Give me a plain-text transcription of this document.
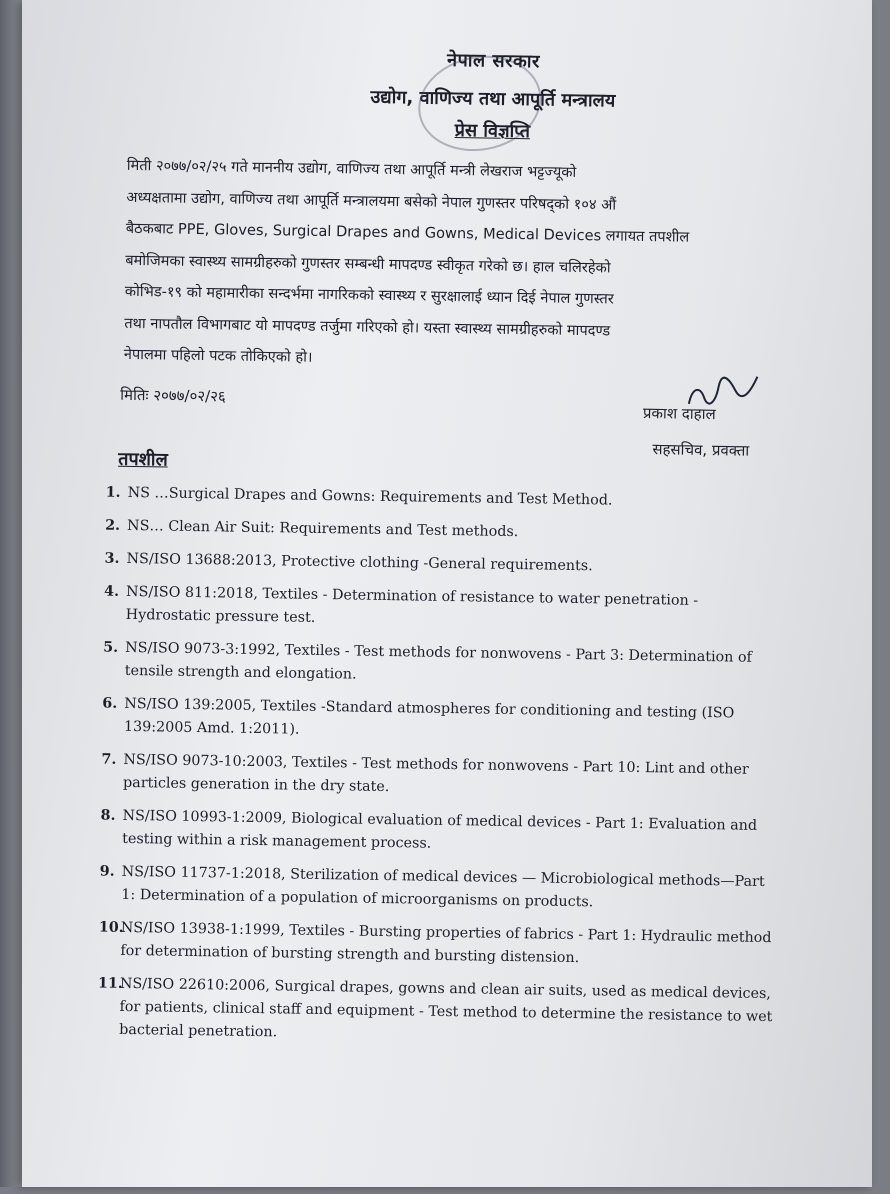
नेपाल सरकार
उद्योग, वाणिज्य तथा आपूर्ति मन्त्रालय
प्रेस विज्ञप्ति
मिती २०७७/०२/२५ गते माननीय उद्योग, वाणिज्य तथा आपूर्ति मन्त्री लेखराज भट्टज्यूको
अध्यक्षतामा उद्योग, वाणिज्य तथा आपूर्ति मन्त्रालयमा बसेको नेपाल गुणस्तर परिषद्को १०४ औं
बैठकबाट PPE, Gloves, Surgical Drapes and Gowns, Medical Devices लगायत तपशील
बमोजिमका स्वास्थ्य सामग्रीहरुको गुणस्तर सम्बन्धी मापदण्ड स्वीकृत गरेको छ। हाल चलिरहेको
कोभिड-१९ को महामारीका सन्दर्भमा नागरिकको स्वास्थ्य र सुरक्षालाई ध्यान दिई नेपाल गुणस्तर
तथा नापतौल विभागबाट यो मापदण्ड तर्जुमा गरिएको हो। यस्ता स्वास्थ्य सामग्रीहरुको मापदण्ड
नेपालमा पहिलो पटक तोकिएको हो।
मितिः २०७७/०२/२६
प्रकाश दाहाल
सहसचिव, प्रवक्ता
तपशील
1. NS …Surgical Drapes and Gowns: Requirements and Test Method.
2. NS… Clean Air Suit: Requirements and Test methods.
3. NS/ISO 13688:2013, Protective clothing -General requirements.
4. NS/ISO 811:2018, Textiles - Determination of resistance to water penetration - Hydrostatic pressure test.
5. NS/ISO 9073-3:1992, Textiles - Test methods for nonwovens - Part 3: Determination of tensile strength and elongation.
6. NS/ISO 139:2005, Textiles -Standard atmospheres for conditioning and testing (ISO 139:2005 Amd. 1:2011).
7. NS/ISO 9073-10:2003, Textiles - Test methods for nonwovens - Part 10: Lint and other particles generation in the dry state.
8. NS/ISO 10993-1:2009, Biological evaluation of medical devices - Part 1: Evaluation and testing within a risk management process.
9. NS/ISO 11737-1:2018, Sterilization of medical devices — Microbiological methods—Part 1: Determination of a population of microorganisms on products.
10.
NS/ISO 13938-1:1999, Textiles - Bursting properties of fabrics - Part 1: Hydraulic method for determination of bursting strength and bursting distension.
11.
NS/ISO 22610:2006, Surgical drapes, gowns and clean air suits, used as medical devices, for patients, clinical staff and equipment - Test method to determine the resistance to wet bacterial penetration.
